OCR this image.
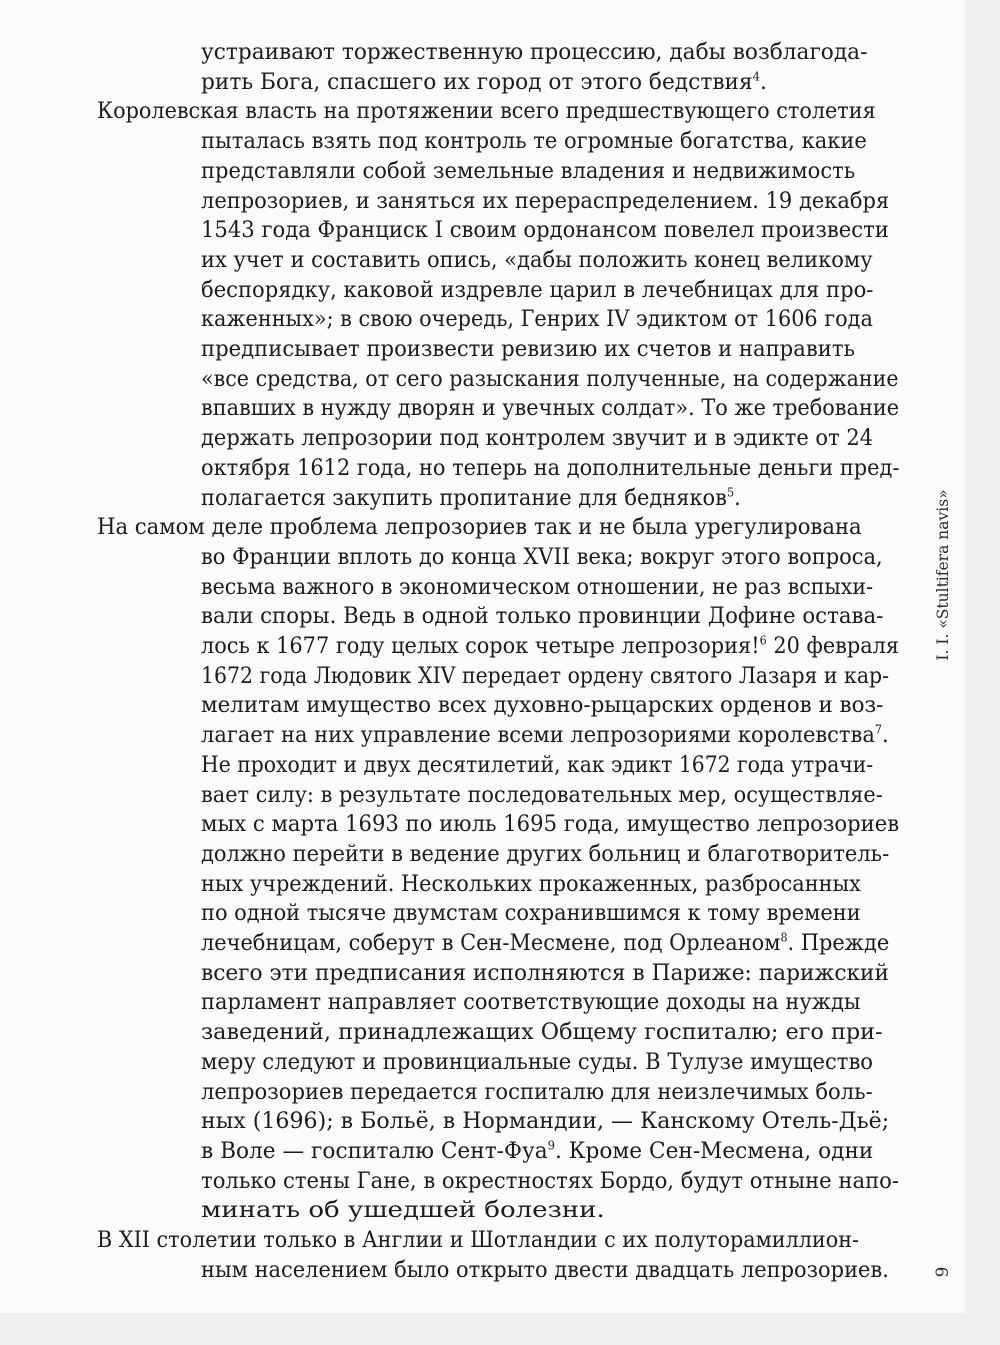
устраивают торжественную процессию, дабы возблагода-
рить Бога, спасшего их город от этого бедствия$^4$.
Королевская власть на протяжении всего предшествующего столетия
пыталась взять под контроль те огромные богатства, какие
представляли собой земельные владения и недвижимость
лепрозориев, и заняться их перераспределением. 19 декабря
1543 года Франциск I своим ордонансом повелел произвести
их учет и составить опись, «дабы положить конец великому
беспорядку, каковой издревле царил в лечебницах для про-
каженных»; в свою очередь, Генрих IV эдиктом от 1606 года
предписывает произвести ревизию их счетов и направить
«все средства, от сего разыскания полученные, на содержание
впавших в нужду дворян и увечных солдат». То же требование
держать лепрозории под контролем звучит и в эдикте от 24
октября 1612 года, но теперь на дополнительные деньги пред-
полагается закупить пропитание для бедняков$^5$.
На самом деле проблема лепрозориев так и не была урегулирована
во Франции вплоть до конца XVII века; вокруг этого вопроса,
весьма важного в экономическом отношении, не раз вспыхи-
вали споры. Ведь в одной только провинции Дофине остава-
лось к 1677 году целых сорок четыре лепрозория!$^6$ 20 февраля
1672 года Людовик XIV передает ордену святого Лазаря и кар-
мелитам имущество всех духовно-рыцарских орденов и воз-
лагает на них управление всеми лепрозориями королевства$^7$.
Не проходит и двух десятилетий, как эдикт 1672 года утрачи-
вает силу: в результате последовательных мер, осуществляе-
мых с марта 1693 по июль 1695 года, имущество лепрозориев
должно перейти в ведение других больниц и благотворитель-
ных учреждений. Нескольких прокаженных, разбросанных
по одной тысяче двумстам сохранившимся к тому времени
лечебницам, соберут в Сен-Месмене, под Орлеаном$^8$. Прежде
всего эти предписания исполняются в Париже: парижский
парламент направляет соответствующие доходы на нужды
заведений, принадлежащих Общему госпиталю; его при-
меру следуют и провинциальные суды. В Тулузе имущество
лепрозориев передается госпиталю для неизлечимых боль-
ных (1696); в Больё, в Нормандии, — Канскому Отель-Дьё;
в Воле — госпиталю Сент-Фуа$^9$. Кроме Сен-Месмена, одни
только стены Гане, в окрестностях Бордо, будут отныне напо-
минать об ушедшей болезни.
В XII столетии только в Англии и Шотландии с их полуторамиллион-
ным населением было открыто двести двадцать лепрозориев.
I. I. «Stultifera navis»
9
